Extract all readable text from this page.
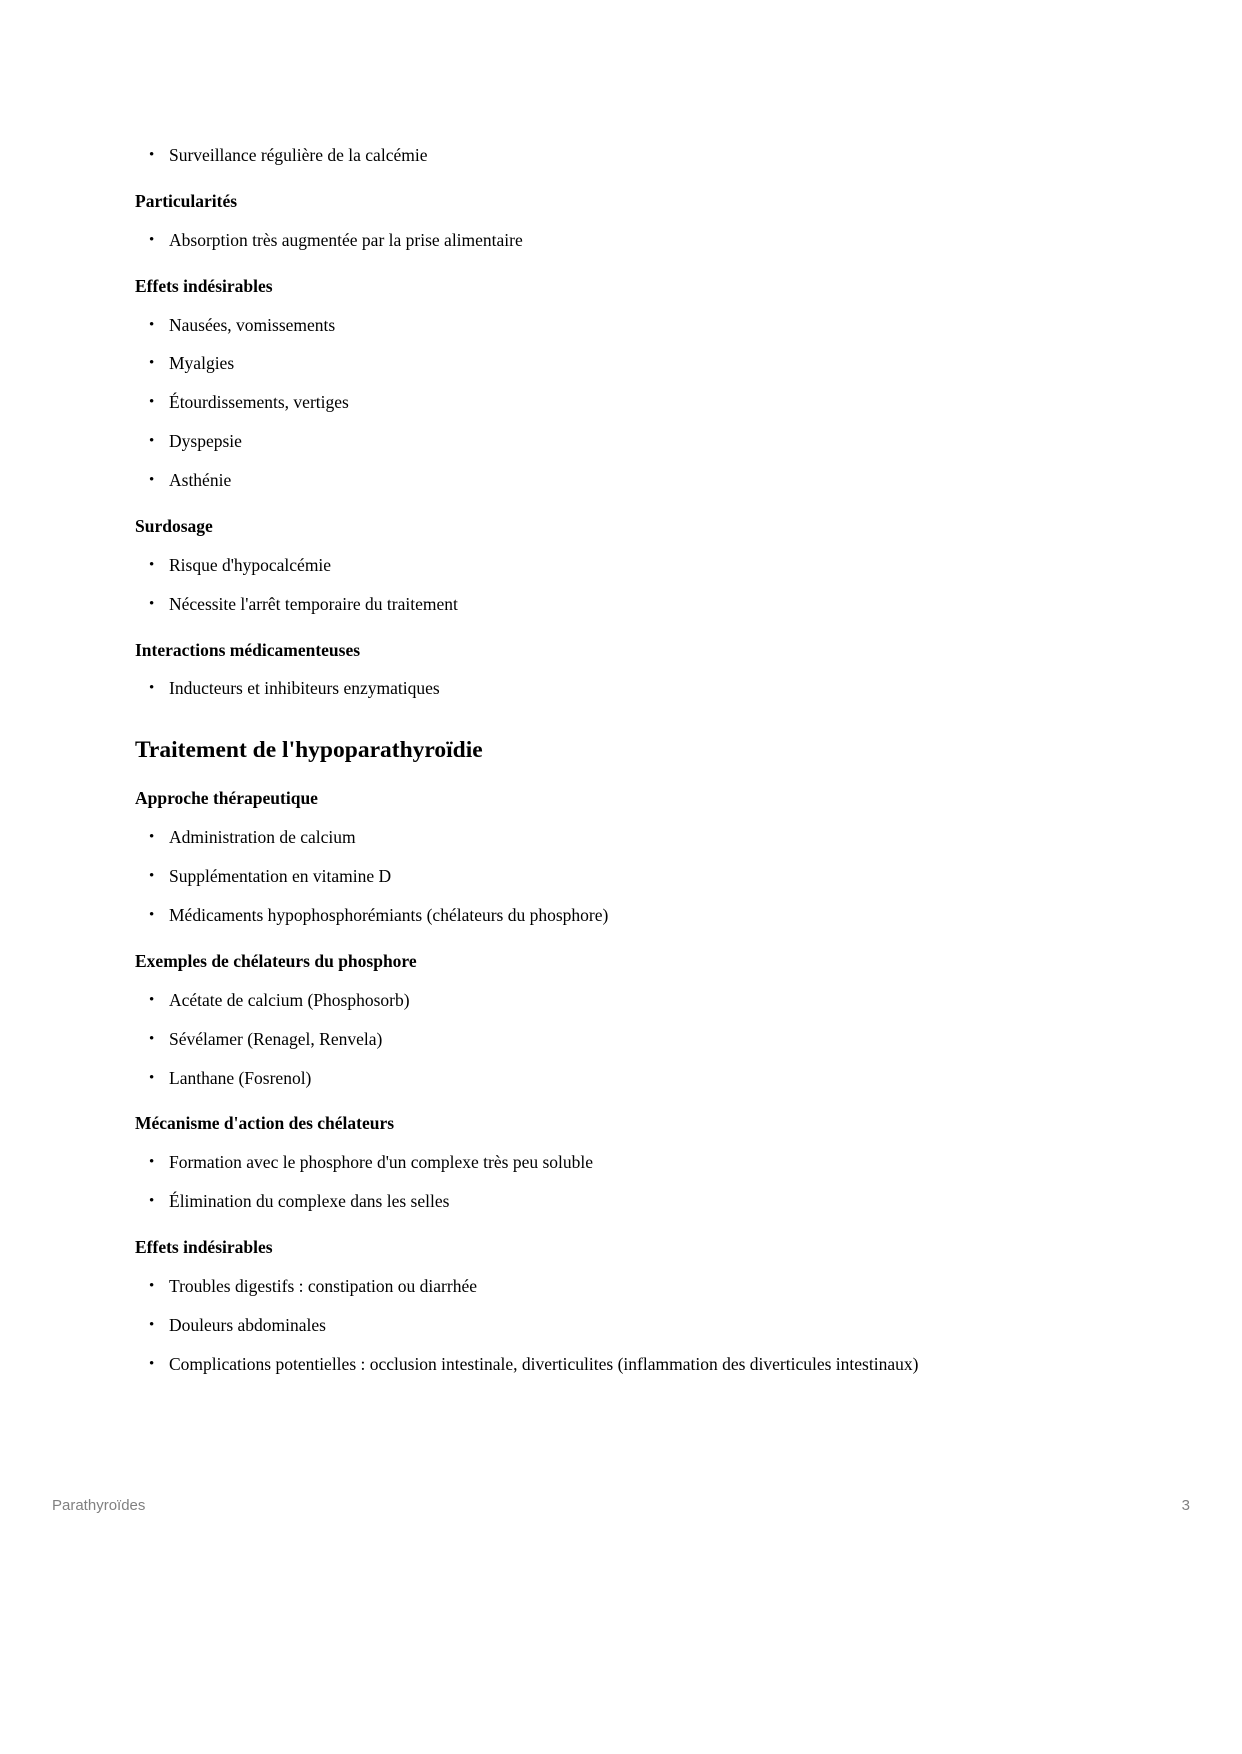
• Surveillance régulière de la calcémie
Particularités
• Absorption très augmentée par la prise alimentaire
Effets indésirables
• Nausées, vomissements
• Myalgies
• Étourdissements, vertiges
• Dyspepsie
• Asthénie
Surdosage
• Risque d'hypocalcémie
• Nécessite l'arrêt temporaire du traitement
Interactions médicamenteuses
• Inducteurs et inhibiteurs enzymatiques
Traitement de l'hypoparathyroïdie
Approche thérapeutique
• Administration de calcium
• Supplémentation en vitamine D
• Médicaments hypophosphorémiants (chélateurs du phosphore)
Exemples de chélateurs du phosphore
• Acétate de calcium (Phosphosorb)
• Sévélamer (Renagel, Renvela)
• Lanthane (Fosrenol)
Mécanisme d'action des chélateurs
• Formation avec le phosphore d'un complexe très peu soluble
• Élimination du complexe dans les selles
Effets indésirables
• Troubles digestifs : constipation ou diarrhée
• Douleurs abdominales
• Complications potentielles : occlusion intestinale, diverticulites (inflammation des diverticules intestinaux)
Parathyroïdes	3
